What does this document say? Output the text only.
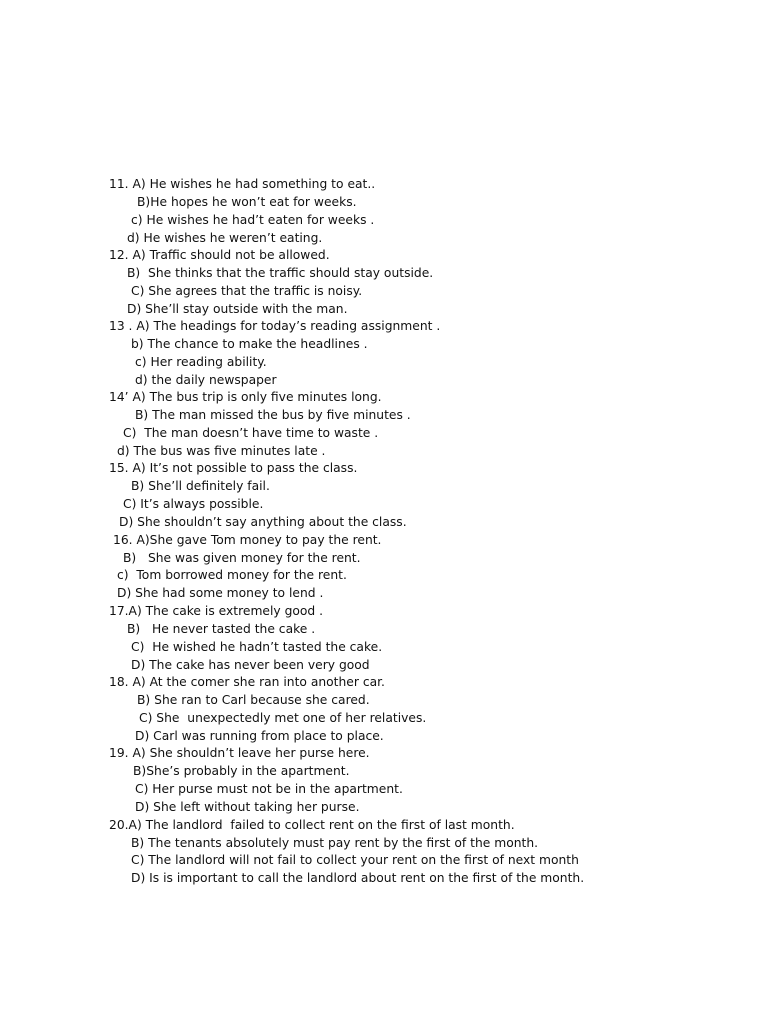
11. A) He wishes he had something to eat..
B)He hopes he won’t eat for weeks.
c) He wishes he had’t eaten for weeks .
d) He wishes he weren’t eating.
12. A) Traffic should not be allowed.
B)  She thinks that the traffic should stay outside.
C) She agrees that the traffic is noisy.
D) She’ll stay outside with the man.
13 . A) The headings for today’s reading assignment .
b) The chance to make the headlines .
c) Her reading ability.
d) the daily newspaper
14’ A) The bus trip is only five minutes long.
B) The man missed the bus by five minutes .
C)  The man doesn’t have time to waste .
d) The bus was five minutes late .
15. A) It’s not possible to pass the class.
B) She’ll definitely fail.
C) It’s always possible.
D) She shouldn’t say anything about the class.
16. A)She gave Tom money to pay the rent.
B)   She was given money for the rent.
c)  Tom borrowed money for the rent.
D) She had some money to lend .
17.A) The cake is extremely good .
B)   He never tasted the cake .
C)  He wished he hadn’t tasted the cake.
D) The cake has never been very good
18. A) At the comer she ran into another car.
B) She ran to Carl because she cared.
C) She  unexpectedly met one of her relatives.
D) Carl was running from place to place.
19. A) She shouldn’t leave her purse here.
B)She’s probably in the apartment.
C) Her purse must not be in the apartment.
D) She left without taking her purse.
20.A) The landlord  failed to collect rent on the first of last month.
B) The tenants absolutely must pay rent by the first of the month.
C) The landlord will not fail to collect your rent on the first of next month
D) Is is important to call the landlord about rent on the first of the month.
